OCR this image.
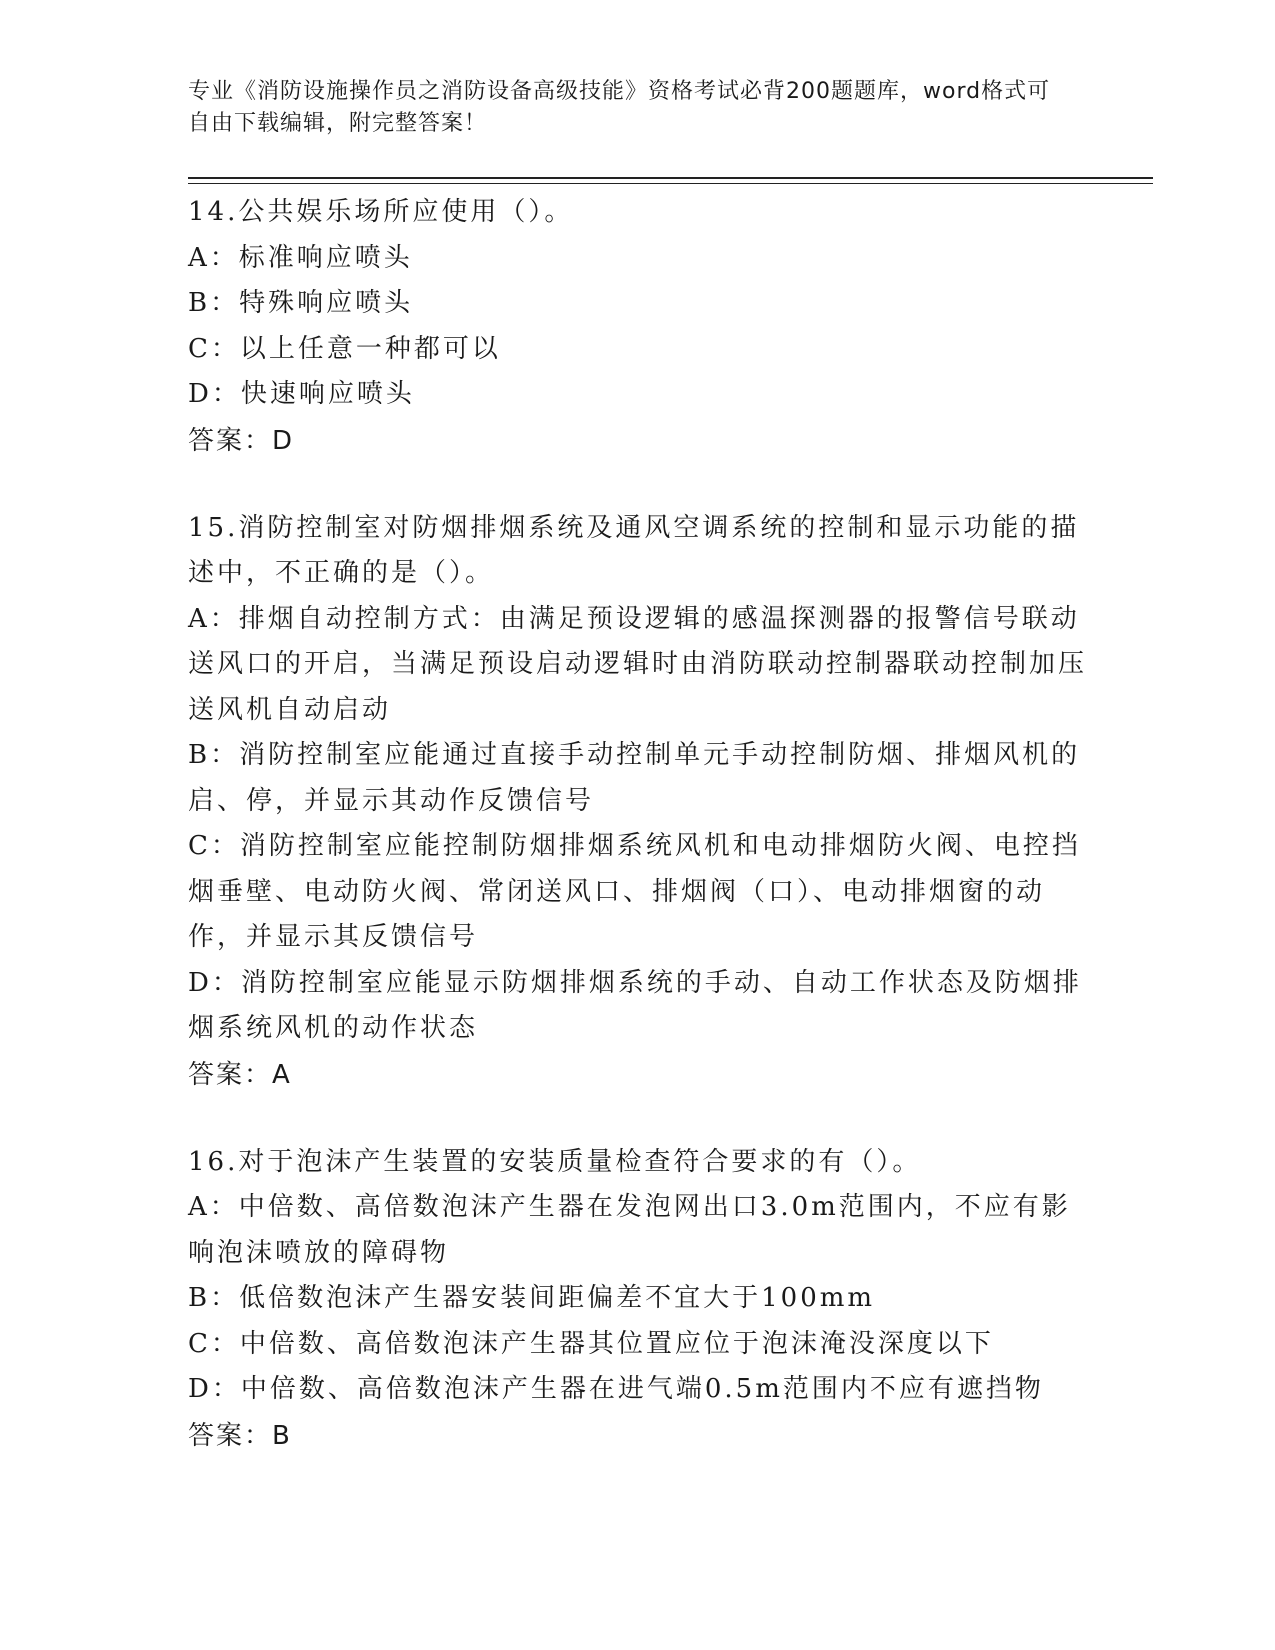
专业《消防设施操作员之消防设备高级技能》资格考试必背200题题库，word格式可自由下载编辑，附完整答案！
14.公共娱乐场所应使用（）。
A：标准响应喷头
B：特殊响应喷头
C：以上任意一种都可以
D：快速响应喷头
答案：D
15.消防控制室对防烟排烟系统及通风空调系统的控制和显示功能的描述中，不正确的是（）。
A：排烟自动控制方式：由满足预设逻辑的感温探测器的报警信号联动送风口的开启，当满足预设启动逻辑时由消防联动控制器联动控制加压送风机自动启动
B：消防控制室应能通过直接手动控制单元手动控制防烟、排烟风机的启、停，并显示其动作反馈信号
C：消防控制室应能控制防烟排烟系统风机和电动排烟防火阀、电控挡烟垂壁、电动防火阀、常闭送风口、排烟阀（口）、电动排烟窗的动作，并显示其反馈信号
D：消防控制室应能显示防烟排烟系统的手动、自动工作状态及防烟排烟系统风机的动作状态
答案：A
16.对于泡沫产生装置的安装质量检查符合要求的有（）。
A：中倍数、高倍数泡沫产生器在发泡网出口3.0m范围内，不应有影响泡沫喷放的障碍物
B：低倍数泡沫产生器安装间距偏差不宜大于100mm
C：中倍数、高倍数泡沫产生器其位置应位于泡沫淹没深度以下
D：中倍数、高倍数泡沫产生器在进气端0.5m范围内不应有遮挡物
答案：B
